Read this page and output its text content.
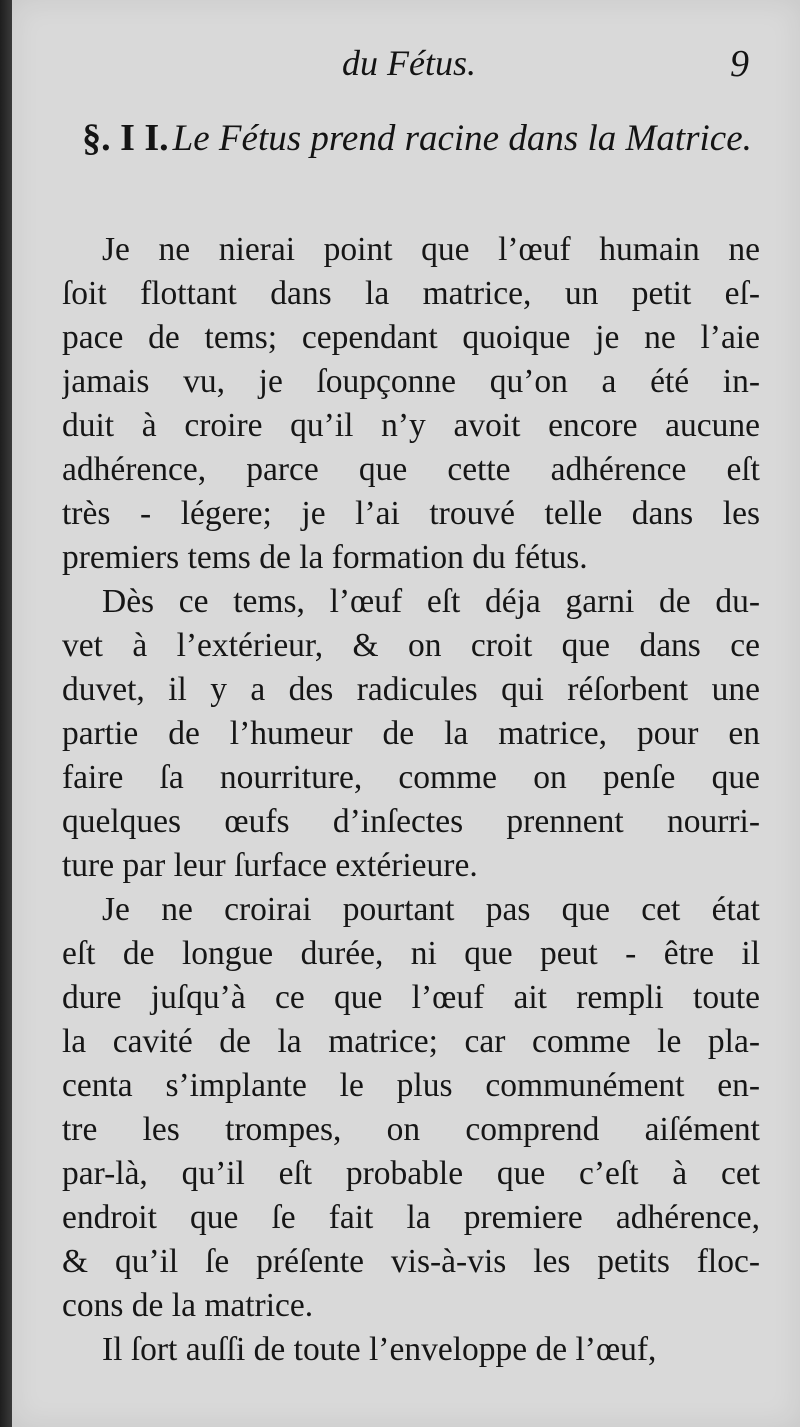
du Fétus.	9
§. I I. Le Fétus prend racine dans la Matrice.
Je ne nierai point que l’œuf humain ne
ſoit flottant dans la matrice, un petit eſ-
pace de tems; cependant quoique je ne l’aie
jamais vu, je ſoupçonne qu’on a été in-
duit à croire qu’il n’y avoit encore aucune
adhérence, parce que cette adhérence eſt
très - légere; je l’ai trouvé telle dans les
premiers tems de la formation du fétus.
Dès ce tems, l’œuf eſt déja garni de du-
vet à l’extérieur, & on croit que dans ce
duvet, il y a des radicules qui réſorbent une
partie de l’humeur de la matrice, pour en
faire ſa nourriture, comme on penſe que
quelques œufs d’inſectes prennent nourri-
ture par leur ſurface extérieure.
Je ne croirai pourtant pas que cet état
eſt de longue durée, ni que peut - être il
dure juſqu’à ce que l’œuf ait rempli toute
la cavité de la matrice; car comme le pla-
centa s’implante le plus communément en-
tre les trompes, on comprend aiſément
par-là, qu’il eſt probable que c’eſt à cet
endroit que ſe fait la premiere adhérence,
& qu’il ſe préſente vis-à-vis les petits floc-
cons de la matrice.
Il ſort auſſi de toute l’enveloppe de l’œuf,
